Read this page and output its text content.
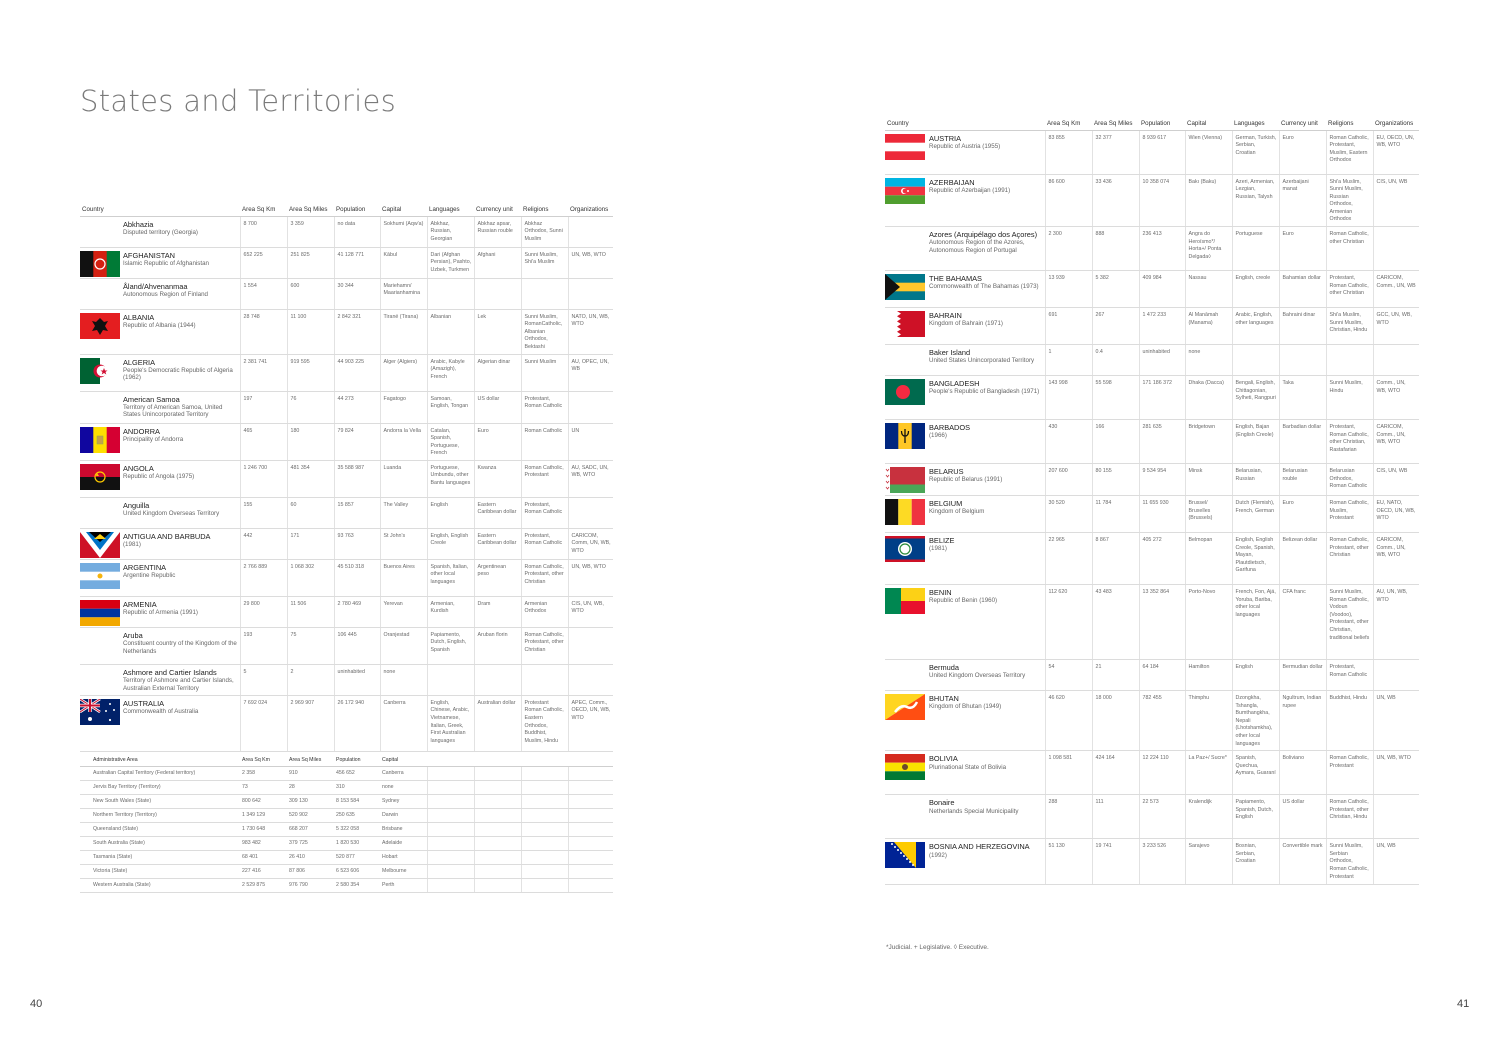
States and Territories
Country		Area Sq Km	Area Sq Miles	Population	Capital	Languages	Currency unit	Religions	Organizations

	Abkhazia
Disputed territory (Georgia)	8 700	3 359	no data	Sokhumi (Aqw'a)	Abkhaz, Russian, Georgian	Abkhaz apsar, Russian rouble	Abkhaz Orthodox, Sunni Muslim	

AFGHANISTAN
Islamic Republic of Afghanistan	652 225	251 825	41 128 771	Kābul	Dari (Afghan Persian), Pashto, Uzbek, Turkmen	Afghani	Sunni Muslim, Shi'a Muslim	UN, WB, WTO

	Åland/Ahvenanmaa
Autonomous Region of Finland	1 554	600	30 344	Mariehamn/ Maarianhamina				

ALBANIA
Republic of Albania (1944)	28 748	11 100	2 842 321	Tiranë (Tirana)	Albanian	Lek	Sunni Muslim, RomanCatholic, Albanian Orthodox, Bektashi	NATO, UN, WB, WTO

ALGERIA
People's Democratic Republic of Algeria (1962)	2 381 741	919 595	44 903 225	Alger (Algiers)	Arabic, Kabyle (Amazigh), French	Algerian dinar	Sunni Muslim	AU, OPEC, UN, WB

	American Samoa
Territory of American Samoa, United States Unincorporated Territory	197	76	44 273	Fagatogo	Samoan, English, Tongan	US dollar	Protestant, Roman Catholic	

ANDORRA
Principality of Andorra	465	180	79 824	Andorra la Vella	Catalan, Spanish, Portuguese, French	Euro	Roman Catholic	UN

ANGOLA
Republic of Angola (1975)	1 246 700	481 354	35 588 987	Luanda	Portuguese, Umbundu, other Bantu languages	Kwanza	Roman Catholic, Protestant	AU, SADC, UN, WB, WTO

	Anguilla
United Kingdom Overseas Territory	155	60	15 857	The Valley	English	Eastern Caribbean dollar	Protestant, Roman Catholic	

ANTIGUA AND BARBUDA
(1981)	442	171	93 763	St John's	English, English Creole	Eastern Caribbean dollar	Protestant, Roman Catholic	CARICOM, Comm, UN, WB, WTO

ARGENTINA
Argentine Republic	2 766 889	1 068 302	45 510 318	Buenos Aires	Spanish, Italian, other local languages	Argentinean peso	Roman Catholic, Protestant, other Christian	UN, WB, WTO

ARMENIA
Republic of Armenia (1991)	29 800	11 506	2 780 469	Yerevan	Armenian, Kurdish	Dram	Armenian Orthodox	CIS, UN, WB, WTO

	Aruba
Constituent country of the Kingdom of the Netherlands	193	75	106 445	Oranjestad	Papiamento, Dutch, English, Spanish	Aruban florin	Roman Catholic, Protestant, other Christian	

	Ashmore and Cartier Islands
Territory of Ashmore and Cartier Islands, Australian External Territory	5	2	uninhabited	none				

AUSTRALIA
Commonwealth of Australia	7 692 024	2 969 907	26 172 940	Canberra	English, Chinese, Arabic, Vietnamese, Italian, Greek, First Australian languages	Australian dollar	Protestant Roman Catholic, Eastern Orthodox, Buddhist, Muslim, Hindu	APEC, Comm., OECD, UN, WB, WTO
Administrative Area	Area Sq Km	Area Sq Miles	Population	Capital				
Australian Capital Territory (Federal territory)	2 358	910	456 652	Canberra				
Jervis Bay Territory (Territory)	73	28	310	none				
New South Wales (State)	800 642	309 130	8 153 584	Sydney				
Northern Territory (Territory)	1 349 129	520 902	250 635	Darwin				
Queensland (State)	1 730 648	668 207	5 322 058	Brisbane				
South Australia (State)	983 482	379 725	1 820 530	Adelaide				
Tasmania (State)	68 401	26 410	520 877	Hobart				
Victoria (State)	227 416	87 806	6 523 606	Melbourne				
Western Australia (State)	2 529 875	976 790	2 580 354	Perth				
Country		Area Sq Km	Area Sq Miles	Population	Capital	Languages	Currency unit	Religions	Organizations

AUSTRIA
Republic of Austria (1955)	83 855	32 377	8 939 617	Wien (Vienna)	German, Turkish, Serbian, Croatian	Euro	Roman Catholic, Protestant, Muslim, Eastern Orthodox	EU, OECD, UN, WB, WTO

AZERBAIJAN
Republic of Azerbaijan (1991)	86 600	33 436	10 358 074	Bakı (Baku)	Azeri, Armenian, Lezgian, Russian, Talysh	Azerbaijani manat	Shi'a Muslim, Sunni Muslim, Russian Orthodox, Armenian Orthodox	CIS, UN, WB

	Azores (Arquipélago dos Açores)
Autonomous Region of the Azores, Autonomous Region of Portugal	2 300	888	236 413	Angra do Heroísmo*/ Horta+/ Ponta Delgada◊	Portuguese	Euro	Roman Catholic, other Christian	

THE BAHAMAS
Commonwealth of The Bahamas (1973)	13 939	5 382	409 984	Nassau	English, creole	Bahamian dollar	Protestant, Roman Catholic, other Christian	CARICOM, Comm., UN, WB

BAHRAIN
Kingdom of Bahrain (1971)	691	267	1 472 233	Al Manāmah (Manama)	Arabic, English, other languages	Bahraini dinar	Shi'a Muslim, Sunni Muslim, Christian, Hindu	GCC, UN, WB, WTO

	Baker Island
United States Unincorporated Territory	1	0.4	uninhabited	none				

BANGLADESH
People's Republic of Bangladesh (1971)	143 998	55 598	171 186 372	Dhaka (Dacca)	Bengali, English, Chittagonian, Sylheti, Rangpuri	Taka	Sunni Muslim, Hindu	Comm., UN, WB, WTO

BARBADOS
(1966)	430	166	281 635	Bridgetown	English, Bajan (English Creole)	Barbadian dollar	Protestant, Roman Catholic, other Christian, Rastafarian	CARICOM, Comm., UN, WB, WTO

BELARUS
Republic of Belarus (1991)	207 600	80 155	9 534 954	Minsk	Belarusian, Russian	Belarusian rouble	Belarusian Orthodox, Roman Catholic	CIS, UN, WB

BELGIUM
Kingdom of Belgium	30 520	11 784	11 655 930	Brussel/ Bruxelles (Brussels)	Dutch (Flemish), French, German	Euro	Roman Catholic, Muslim, Protestant	EU, NATO, OECD, UN, WB, WTO

BELIZE
(1981)	22 965	8 867	405 272	Belmopan	English, English Creole, Spanish, Mayan, Plautdietsch, Garifuna	Belizean dollar	Roman Catholic, Protestant, other Christian	CARICOM, Comm., UN, WB, WTO

BENIN
Republic of Benin (1960)	112 620	43 483	13 352 864	Porto-Novo	French, Fon, Ajá, Yoruba, Bariba, other local languages	CFA franc	Sunni Muslim, Roman Catholic, Vodoun (Voodoo), Protestant, other Christian, traditional beliefs	AU, UN, WB, WTO

	Bermuda
United Kingdom Overseas Territory	54	21	64 184	Hamilton	English	Bermudian dollar	Protestant, Roman Catholic	

BHUTAN
Kingdom of Bhutan (1949)	46 620	18 000	782 455	Thimphu	Dzongkha, Tshangla, Bumthangkha, Nepali (Lhotshamkha), other local languages	Ngultrum, Indian rupee	Buddhist, Hindu	UN, WB

BOLIVIA
Plurinational State of Bolivia	1 098 581	424 164	12 224 110	La Paz+/ Sucre*	Spanish, Quechua, Aymara, Guaraní	Boliviano	Roman Catholic, Protestant	UN, WB, WTO

	Bonaire
Netherlands Special Municipality	288	111	22 573	Kralendijk	Papiamento, Spanish, Dutch, English	US dollar	Roman Catholic, Protestant, other Christian, Hindu	

BOSNIA AND HERZEGOVINA
(1992)	51 130	19 741	3 233 526	Sarajevo	Bosnian, Serbian, Croatian	Convertible mark	Sunni Muslim, Serbian Orthodox, Roman Catholic, Protestant	UN, WB
*Judicial. + Legislative. ◊ Executive.
40	41
